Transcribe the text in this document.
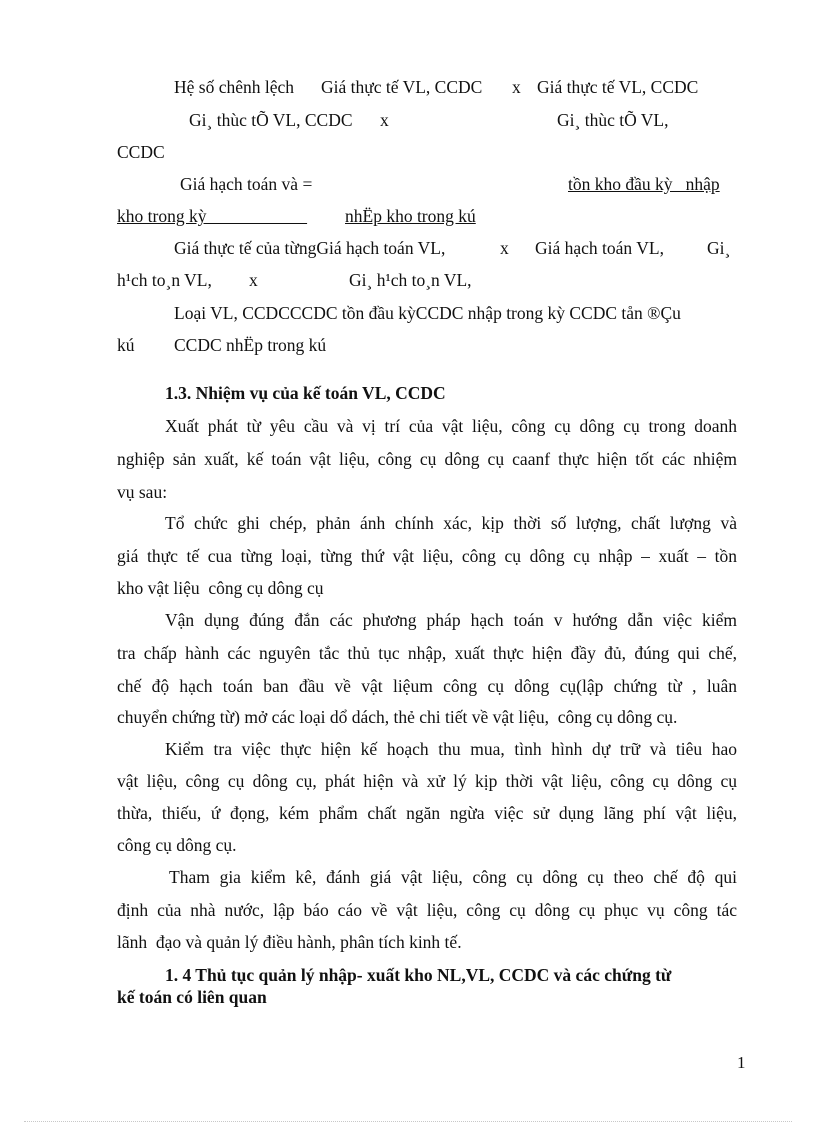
Hệ số chênh lệch Giá thực tế VL, CCDC x Giá thực tế VL, CCDC
Gi¸ thùc tÕ VL, CCDC x	Gi¸ thùc tÕ VL,
CCDC
Giá hạch toán và =	tồn kho đầu kỳ   nhập
kho trong kỳ nhËp kho trong kú
Giá thực tế của từngGiá hạch toán VL,	x Giá hạch toán VL, Gi¸
h¹ch to¸n VL, x	Gi¸ h¹ch to¸n VL,
Loại VL, CCDCCCDC tồn đầu kỳCCDC nhập trong kỳ CCDC tån ®Çu
kú CCDC nhËp trong kú
1.3. Nhiệm vụ của kế toán VL, CCDC
Xuất phát từ yêu cầu và vị trí của vật liệu, công cụ dông cụ trong doanh
nghiệp sản xuất, kế toán vật liệu, công cụ dông cụ caanf thực hiện tốt các nhiệm
vụ sau:
Tổ chức ghi chép, phản ánh chính xác, kịp thời số lượng, chất lượng và
giá thực tế cua từng loại, từng thứ vật liệu, công cụ dông cụ nhập – xuất – tồn
kho vật liệu  công cụ dông cụ
Vận dụng đúng đắn các phương pháp hạch toán v hướng dẫn việc kiểm
tra chấp hành các nguyên tắc thủ tục nhập, xuất thực hiện đầy đủ, đúng qui chế,
chế độ hạch toán ban đầu về vật liệum công cụ dông cụ(lập chứng từ , luân
chuyển chứng từ) mở các loại dổ dách, thẻ chi tiết về vật liệu,  công cụ dông cụ.
Kiểm tra việc thực hiện kế hoạch thu mua, tình hình dự trữ và tiêu hao
vật liệu, công cụ dông cụ, phát hiện và xử lý kịp thời vật liệu, công cụ dông cụ
thừa, thiếu, ứ đọng, kém phẩm chất ngăn ngừa việc sử dụng lãng phí vật liệu,
công cụ dông cụ.
Tham gia kiểm kê, đánh giá vật liệu, công cụ dông cụ theo chế độ qui
định của nhà nước, lập báo cáo về vật liệu, công cụ dông cụ phục vụ công tác
lãnh  đạo và quản lý điều hành, phân tích kinh tế.
1. 4 Thủ tục quản lý nhập- xuất kho NL,VL, CCDC và các chứng từ
kế toán có liên quan
1
